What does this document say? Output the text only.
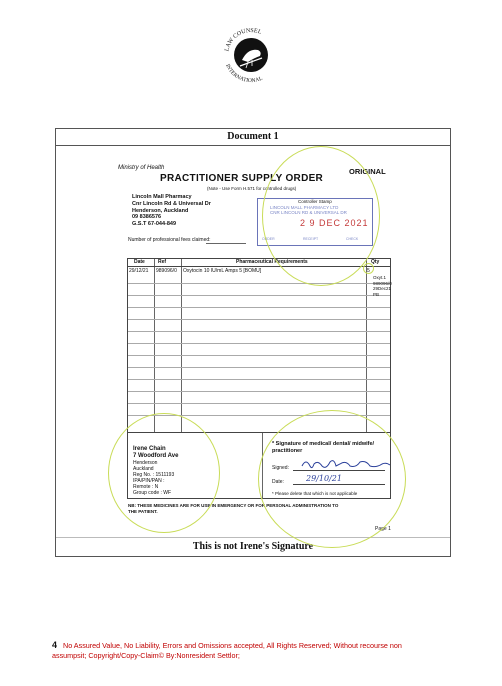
LAW COUNSEL
INTERNATIONAL
Document 1
This is not Irene's Signature
Ministry of Health	ORIGINAL
PRACTITIONER SUPPLY ORDER
(Note - Use Form H.571 for controlled drugs)
Lincoln Mall Pharmacy
Cnr Lincoln Rd & Universal Dr
Henderson, Auckland
09 8386576
G.S.T 67-044-849
Number of professional fees claimed:
Controller Stamp
LINCOLN MALL PHARMACY LTD
CNR LINCOLN RD & UNIVERSAL DR
2 9 DEC 2021
ORDER	RECEIPT	CHECK
Date	Ref	Pharmaceutical Requirements	Qty
29/12/21 989096/0 Oxytocin 10 IU/mL Amps 5 [BOMU]	5
Oxyt.1
989096/0
29Dec21
PB
Irene Chain
7 Woodford Ave
Henderson
Auckland
Reg No. : 1511193
IPA/PIN/PAN :
Remote : N
Group code : WF
* Signature of medical/ dental/ midwife/
practitioner
Signed:
Date:	29/10/21
* Please delete that which is not applicable
NB: THESE MEDICINES ARE FOR USE IN EMERGENCY OR FOR PERSONAL ADMINISTRATION TO
THE PATIENT.
Page 1
4 No Assured Value, No Liability, Errors and Omissions accepted, All Rights Reserved; Without recourse non
assumpsit; Copyright/Copy-Claim© By:Nonresident Settlor;
